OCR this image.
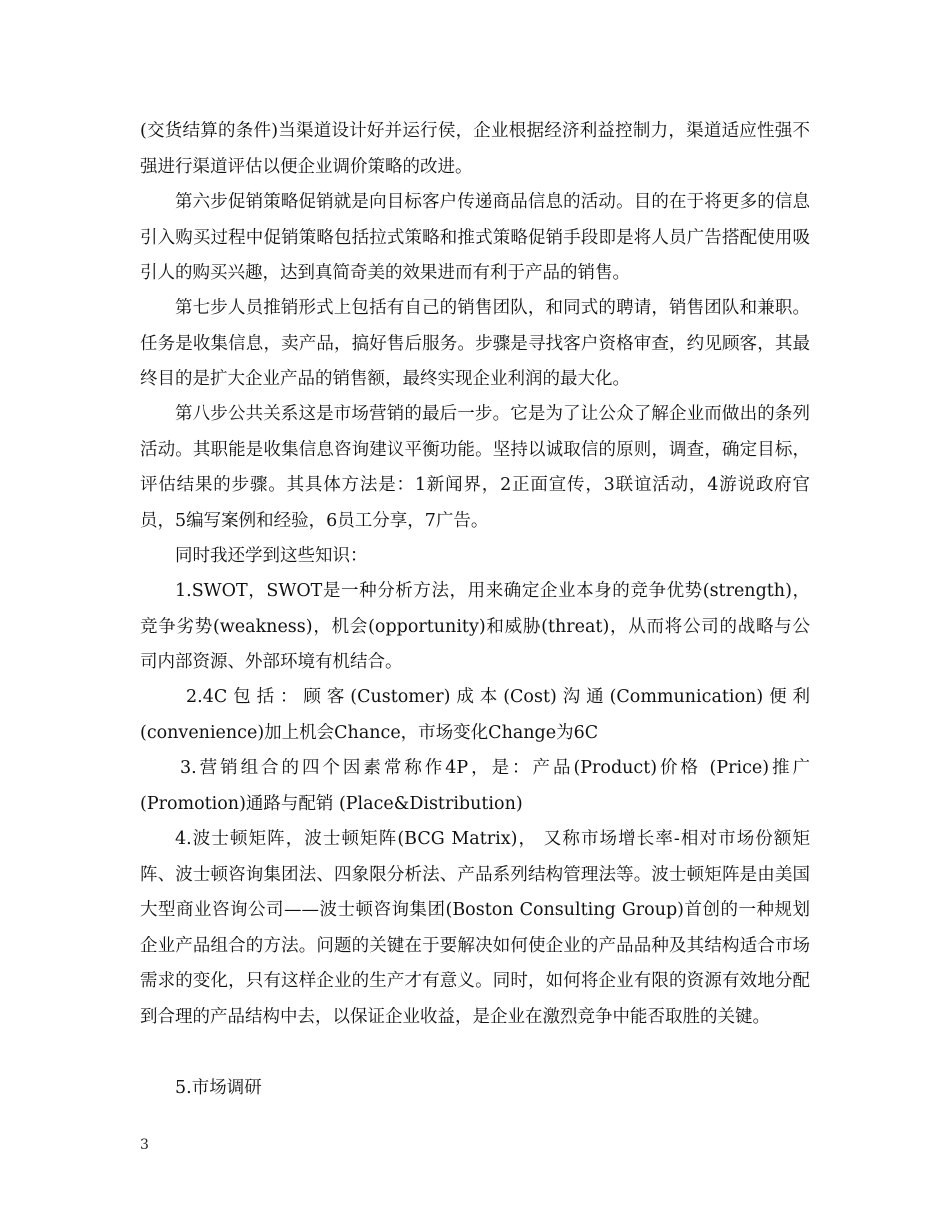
(交货结算的条件)当渠道设计好并运行侯，企业根据经济利益控制力，渠道适应性强不强进行渠道评估以便企业调价策略的改进。

第六步促销策略促销就是向目标客户传递商品信息的活动。目的在于将更多的信息引入购买过程中促销策略包括拉式策略和推式策略促销手段即是将人员广告搭配使用吸引人的购买兴趣，达到真简奇美的效果进而有利于产品的销售。

第七步人员推销形式上包括有自己的销售团队，和同式的聘请，销售团队和兼职。任务是收集信息，卖产品，搞好售后服务。步骤是寻找客户资格审查，约见顾客，其最终目的是扩大企业产品的销售额，最终实现企业利润的最大化。

第八步公共关系这是市场营销的最后一步。它是为了让公众了解企业而做出的条列活动。其职能是收集信息咨询建议平衡功能。坚持以诚取信的原则，调查，确定目标，评估结果的步骤。其具体方法是：1新闻界，2正面宣传，3联谊活动，4游说政府官员，5编写案例和经验，6员工分享，7广告。

同时我还学到这些知识：

1.SWOT，SWOT是一种分析方法，用来确定企业本身的竞争优势(strength)，竞争劣势(weakness)，机会(opportunity)和威胁(threat)，从而将公司的战略与公司内部资源、外部环境有机结合。

2.4C包括：顾客(Customer)成本(Cost)沟通(Communication)便利(convenience)加上机会Chance，市场变化Change为6C

3.营销组合的四个因素常称作4P，是：产品(Product)价格 (Price)推广(Promotion)通路与配销 (Place&Distribution)

4.波士顿矩阵，波士顿矩阵(BCG Matrix)， 又称市场增长率-相对市场份额矩阵、波士顿咨询集团法、四象限分析法、产品系列结构管理法等。波士顿矩阵是由美国大型商业咨询公司——波士顿咨询集团(Boston Consulting Group)首创的一种规划企业产品组合的方法。问题的关键在于要解决如何使企业的产品品种及其结构适合市场需求的变化，只有这样企业的生产才有意义。同时，如何将企业有限的资源有效地分配到合理的产品结构中去，以保证企业收益，是企业在激烈竞争中能否取胜的关键。

5.市场调研

3
